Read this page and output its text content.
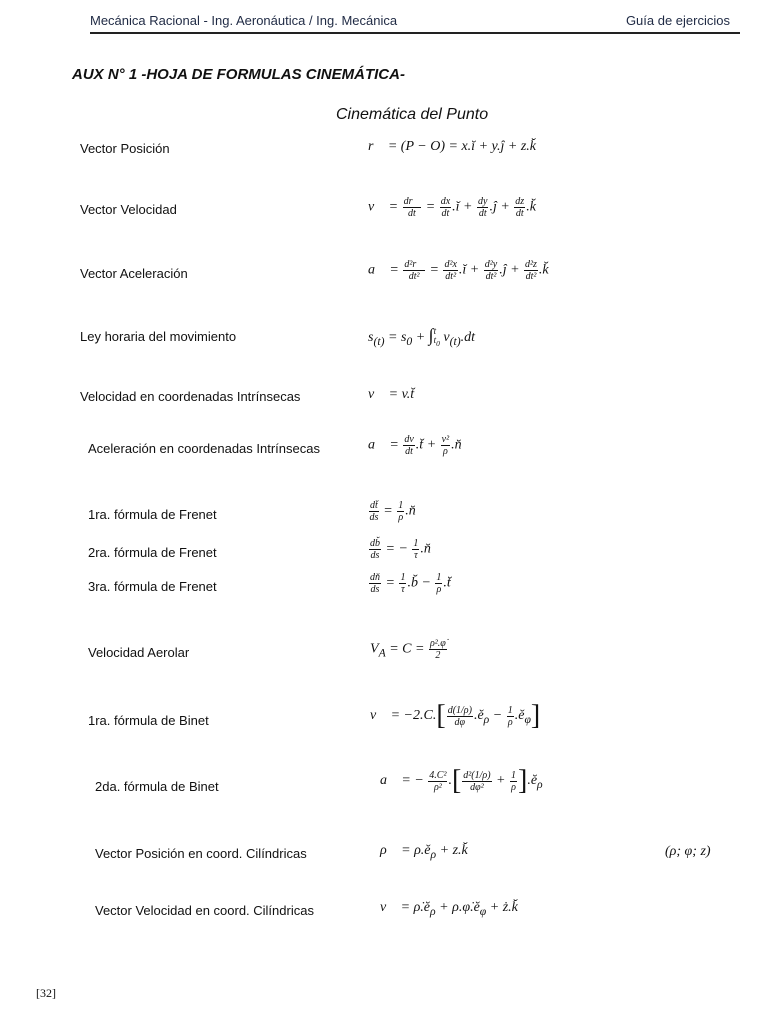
Mecánica Racional - Ing. Aeronáutica / Ing. Mecánica	Guía de ejercicios
AUX N° 1 -HOJA DE FORMULAS CINEMÁTICA-
Cinemática del Punto
Vector Posición	r⃗ = (P − O) = x.ĭ + y.ĵ + z.k̆
Vector Velocidad	v⃗ = $\frac{dr⃗}{dt} = \frac{dx}{dt}$ .ĭ + $\frac{dy}{dt}$ .ĵ + $\frac{dz}{dt}$ .k̆
Vector Aceleración	a⃗ = $\frac{\text{d²r⃗}}{\text{dt²}} = \frac{\text{d²x}}{\text{dt²}}$ .ĭ + $\frac{\text{d²y}}{\text{dt²}}$ .ĵ + $\frac{\text{d²z}}{\text{dt²}}$ .k̆
Ley horaria del movimiento	$s_{(t)} = s_0$ + ∫ t
$t_0$ $v_{(t)}.dt$
Velocidad en coordenadas Intrínsecas	v⃗ = v.t̆
Aceleración en coordenadas Intrínsecas	a⃗ = $\frac{dv}{dt}$ .t̆ + $\frac{\text{v²}}{\rho}$ .n̆
1ra. fórmula de Frenet	$\frac{dt̆}{ds} = \frac{1}{\rho}$ .n̆
2ra. fórmula de Frenet	$\frac{db̆}{ds}$ = − $\frac{1}{\tau}$ .n̆
3ra. fórmula de Frenet	$\frac{dn̆}{ds} = \frac{1}{\tau}$ .b̆ − $\frac{1}{\rho}$ .t̆
Velocidad Aerolar	$V_A = C = \frac{\text{ρ².φ̇}}{2}$
1ra. fórmula de Binet	v⃗ = $-2.C.[ \frac{d(1/\rho)}{d\varphi}$ $.ĕ_\rho - \frac{1}{\rho}$ $.ĕ_\varphi$]
2da. fórmula de Binet	a⃗ = − $\frac{\text{4.C²}}{\text{ρ²}}$ .[ $\frac{\text{d²(1/ρ)}}{\text{dφ²}} + \frac{1}{\rho}$ ]$.ĕ_\rho$
Vector Posición en coord. Cilíndricas	ρ⃗ = $\rho.ĕ_\rho$ + z.k̆	(ρ; φ; z)
Vector Velocidad en coord. Cilíndricas	v⃗ = $\rhȯ.ĕ_\rho$ + $\rho.\varphi̇.ĕ_\varphi$ + ż.k̆
[32]
